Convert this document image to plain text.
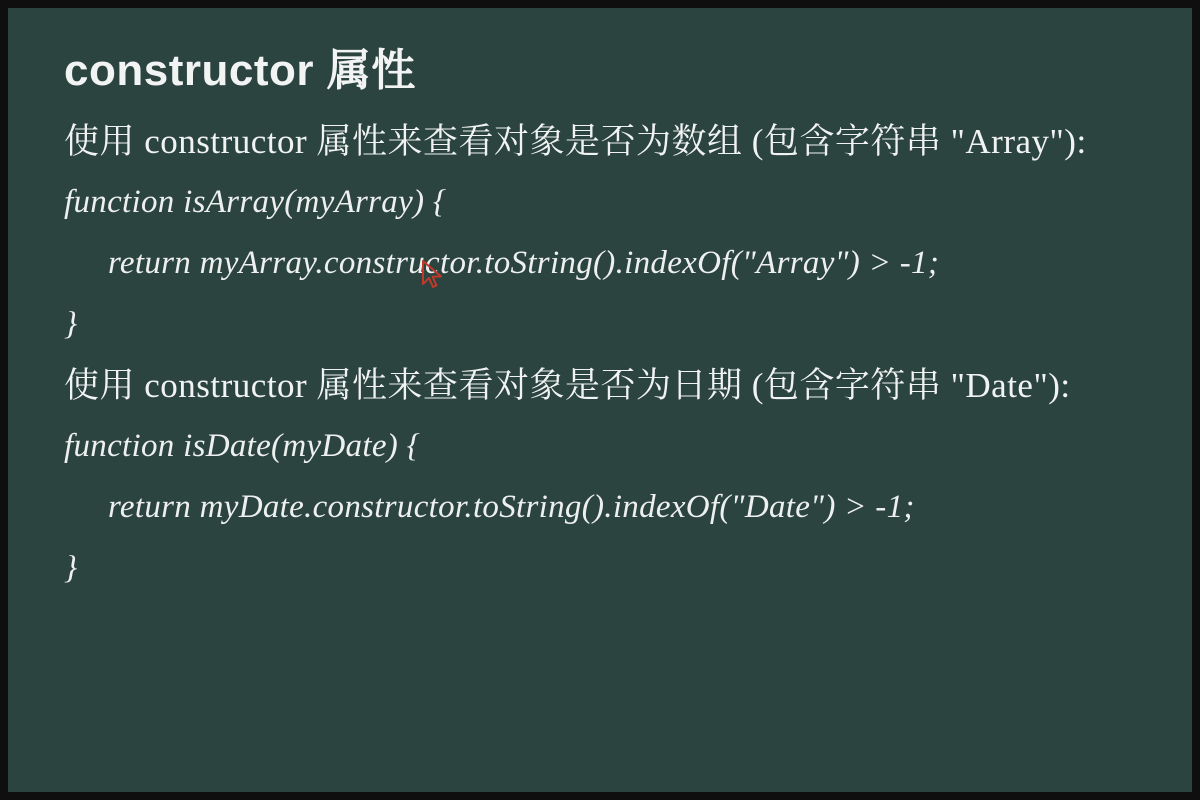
constructor 属性

使用 constructor 属性来查看对象是否为数组 (包含字符串 "Array"):

function isArray(myArray) {
return myArray.constructor.toString().indexOf("Array") > -1;
}

使用 constructor 属性来查看对象是否为日期 (包含字符串 "Date"):

function isDate(myDate) {
return myDate.constructor.toString().indexOf("Date") > -1;
}
